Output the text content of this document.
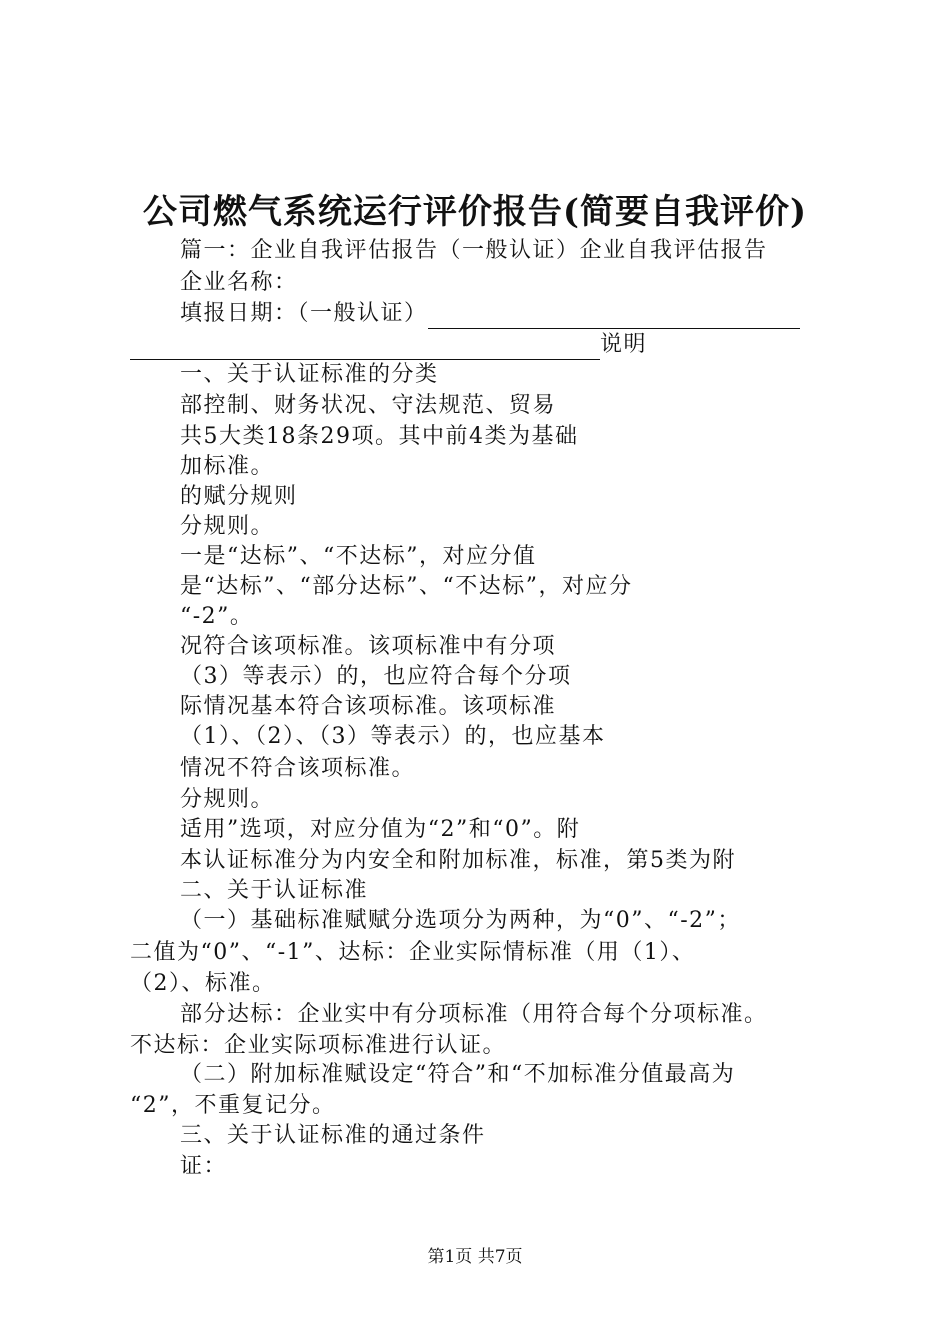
公司燃气系统运行评价报告(简要自我评价)
篇一：企业自我评估报告（一般认证）企业自我评估报告
企业名称：
填报日期：（一般认证）
说明
一、关于认证标准的分类
部控制、财务状况、守法规范、贸易
共5大类18条29项。其中前4类为基础
加标准。
的赋分规则
分规则。
一是“达标”、“不达标”，对应分值
是“达标”、“部分达标”、“不达标”，对应分
“-2”。
况符合该项标准。该项标准中有分项
（3）等表示）的，也应符合每个分项
际情况基本符合该项标准。该项标准
（1）、（2）、（3）等表示）的，也应基本
情况不符合该项标准。
分规则。
适用”选项，对应分值为“2”和“0”。附
本认证标准分为内安全和附加标准，标准，第5类为附
二、关于认证标准
（一）基础标准赋赋分选项分为两种，为“0”、“-2”；
二值为“0”、“-1”、达标：企业实际情标准（用（1）、
（2）、标准。
部分达标：企业实中有分项标准（用符合每个分项标准。
不达标：企业实际项标准进行认证。
（二）附加标准赋设定“符合”和“不加标准分值最高为
“2”，不重复记分。
三、关于认证标准的通过条件
证：
第1页 共7页
